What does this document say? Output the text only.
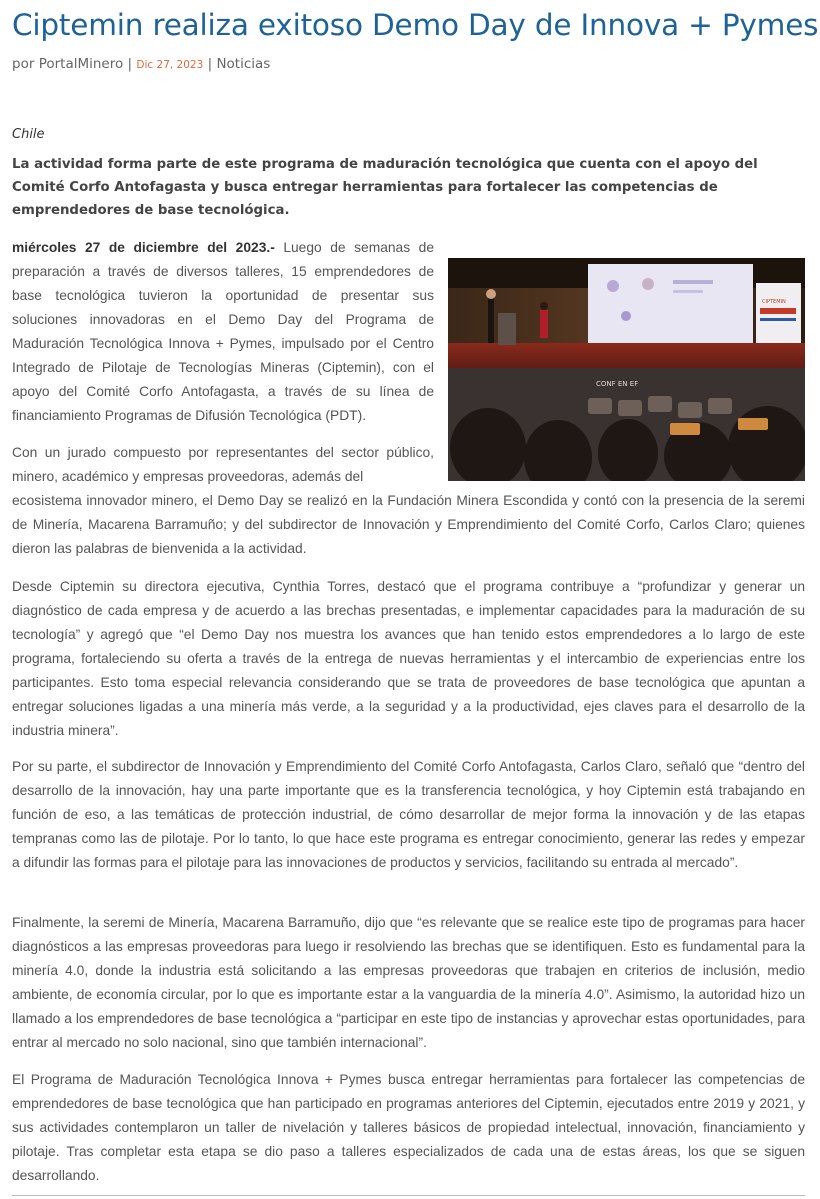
Ciptemin realiza exitoso Demo Day de Innova + Pymes
por PortalMinero | Dic 27, 2023 | Noticias
Chile

La actividad forma parte de este programa de maduración tecnológica que cuenta con el apoyo del Comité Corfo Antofagasta y busca entregar herramientas para fortalecer las competencias de emprendedores de base tecnológica.

miércoles 27 de diciembre del 2023.- Luego de semanas de preparación a través de diversos talleres, 15 emprendedores de base tecnológica tuvieron la oportunidad de presentar sus soluciones innovadoras en el Demo Day del Programa de Maduración Tecnológica Innova + Pymes, impulsado por el Centro Integrado de Pilotaje de Tecnologías Mineras (Ciptemin), con el apoyo del Comité Corfo Antofagasta, a través de su línea de financiamiento Programas de Difusión Tecnológica (PDT).

CONF EN EF
CIPTEMIN
Con un jurado compuesto por representantes del sector público, minero, académico y empresas proveedoras, además del
ecosistema innovador minero, el Demo Day se realizó en la Fundación Minera Escondida y contó con la presencia de la seremi de Minería, Macarena Barramuño; y del subdirector de Innovación y Emprendimiento del Comité Corfo, Carlos Claro; quienes dieron las palabras de bienvenida a la actividad.

Desde Ciptemin su directora ejecutiva, Cynthia Torres, destacó que el programa contribuye a “profundizar y generar un diagnóstico de cada empresa y de acuerdo a las brechas presentadas, e implementar capacidades para la maduración de su tecnología” y agregó que “el Demo Day nos muestra los avances que han tenido estos emprendedores a lo largo de este programa, fortaleciendo su oferta a través de la entrega de nuevas herramientas y el intercambio de experiencias entre los participantes. Esto toma especial relevancia considerando que se trata de proveedores de base tecnológica que apuntan a entregar soluciones ligadas a una minería más verde, a la seguridad y a la productividad, ejes claves para el desarrollo de la industria minera”.

Por su parte, el subdirector de Innovación y Emprendimiento del Comité Corfo Antofagasta, Carlos Claro, señaló que “dentro del desarrollo de la innovación, hay una parte importante que es la transferencia tecnológica, y hoy Ciptemin está trabajando en función de eso, a las temáticas de protección industrial, de cómo desarrollar de mejor forma la innovación y de las etapas tempranas como las de pilotaje. Por lo tanto, lo que hace este programa es entregar conocimiento, generar las redes y empezar a difundir las formas para el pilotaje para las innovaciones de productos y servicios, facilitando su entrada al mercado”.

Finalmente, la seremi de Minería, Macarena Barramuño, dijo que “es relevante que se realice este tipo de programas para hacer diagnósticos a las empresas proveedoras para luego ir resolviendo las brechas que se identifiquen. Esto es fundamental para la minería 4.0, donde la industria está solicitando a las empresas proveedoras que trabajen en criterios de inclusión, medio ambiente, de economía circular, por lo que es importante estar a la vanguardia de la minería 4.0”. Asimismo, la autoridad hizo un llamado a los emprendedores de base tecnológica a “participar en este tipo de instancias y aprovechar estas oportunidades, para entrar al mercado no solo nacional, sino que también internacional”.

El Programa de Maduración Tecnológica Innova + Pymes busca entregar herramientas para fortalecer las competencias de emprendedores de base tecnológica que han participado en programas anteriores del Ciptemin, ejecutados entre 2019 y 2021, y sus actividades contemplaron un taller de nivelación y talleres básicos de propiedad intelectual, innovación, financiamiento y pilotaje. Tras completar esta etapa se dio paso a talleres especializados de cada una de estas áreas, los que se siguen desarrollando.
